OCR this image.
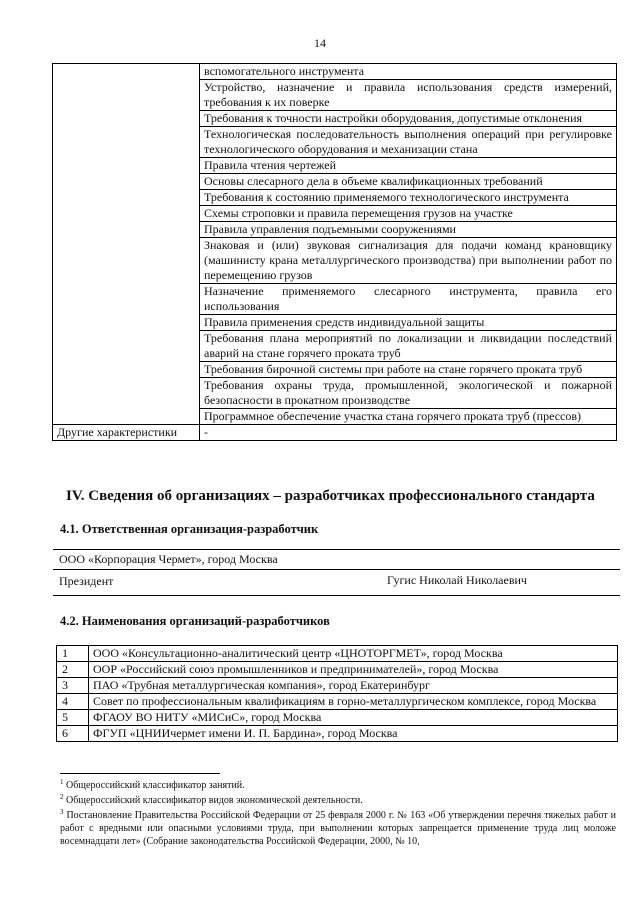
14
	вспомогательного инструмента
	Устройство, назначение и правила использования средств измерений, требования к их поверке
	Требования к точности настройки оборудования, допустимые отклонения
	Технологическая последовательность выполнения операций при регулировке технологического оборудования и механизации стана
	Правила чтения чертежей
	Основы слесарного дела в объеме квалификационных требований
	Требования к состоянию применяемого технологического инструмента
	Схемы строповки и правила перемещения грузов на участке
	Правила управления подъемными сооружениями
	Знаковая и (или) звуковая сигнализация для подачи команд крановщику (машинисту крана металлургического производства) при выполнении работ по перемещению грузов
	Назначение применяемого слесарного инструмента, правила его использования
	Правила применения средств индивидуальной защиты
	Требования плана мероприятий по локализации и ликвидации последствий аварий на стане горячего проката труб
	Требования бирочной системы при работе на стане горячего проката труб
	Требования охраны труда, промышленной, экологической и пожарной безопасности в прокатном производстве
	Программное обеспечение участка стана горячего проката труб (прессов)
Другие характеристики	-
IV. Сведения об организациях – разработчиках профессионального стандарта
4.1. Ответственная организация-разработчик
ООО «Корпорация Чермет», город Москва
Президент	Гугис Николай Николаевич
4.2. Наименования организаций-разработчиков
1	ООО «Консультационно-аналитический центр «ЦНОТОРГМЕТ», город Москва
2	ООР «Российский союз промышленников и предпринимателей», город Москва
3	ПАО «Трубная металлургическая компания», город Екатеринбург
4	Совет по профессиональным квалификациям в горно-металлургическом комплексе, город Москва
5	ФГАОУ ВО НИТУ «МИСиС», город Москва
6	ФГУП «ЦНИИчермет имени И. П. Бардина», город Москва

$^1$ Общероссийский классификатор занятий.

$^2$ Общероссийский классификатор видов экономической деятельности.

$^3$ Постановление Правительства Российской Федерации от 25 февраля 2000 г. № 163 «Об утверждении перечня тяжелых работ и работ с вредными или опасными условиями труда, при выполнении которых запрещается применение труда лиц моложе восемнадцати лет» (Собрание законодательства Российской Федерации, 2000, № 10,
